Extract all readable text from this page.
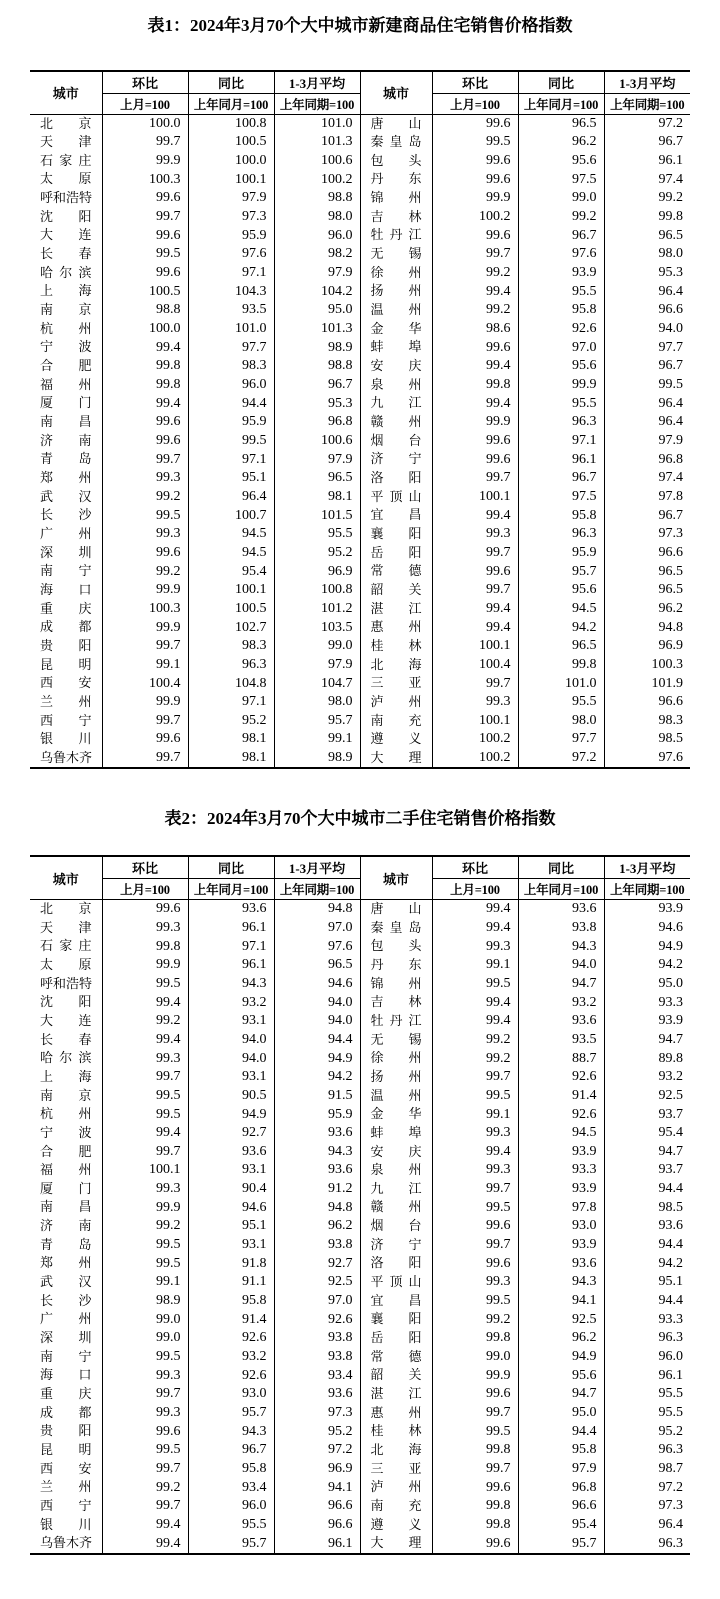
表1：2024年3月70个大中城市新建商品住宅销售价格指数
城市	环比	同比	1-3月平均	城市	环比	同比	1-3月平均
	上月=100	上年同月=100	上年同期=100		上月=100	上年同月=100	上年同期=100

北京	100.0	100.8	101.0	唐山	99.6	96.5	97.2

天津	99.7	100.5	101.3	秦皇岛	99.5	96.2	96.7

石家庄	99.9	100.0	100.6	包头	99.6	95.6	96.1

太原	100.3	100.1	100.2	丹东	99.6	97.5	97.4

呼和浩特	99.6	97.9	98.8	锦州	99.9	99.0	99.2

沈阳	99.7	97.3	98.0	吉林	100.2	99.2	99.8

大连	99.6	95.9	96.0	牡丹江	99.6	96.7	96.5

长春	99.5	97.6	98.2	无锡	99.7	97.6	98.0

哈尔滨	99.6	97.1	97.9	徐州	99.2	93.9	95.3

上海	100.5	104.3	104.2	扬州	99.4	95.5	96.4

南京	98.8	93.5	95.0	温州	99.2	95.8	96.6

杭州	100.0	101.0	101.3	金华	98.6	92.6	94.0

宁波	99.4	97.7	98.9	蚌埠	99.6	97.0	97.7

合肥	99.8	98.3	98.8	安庆	99.4	95.6	96.7

福州	99.8	96.0	96.7	泉州	99.8	99.9	99.5

厦门	99.4	94.4	95.3	九江	99.4	95.5	96.4

南昌	99.6	95.9	96.8	赣州	99.9	96.3	96.4

济南	99.6	99.5	100.6	烟台	99.6	97.1	97.9

青岛	99.7	97.1	97.9	济宁	99.6	96.1	96.8

郑州	99.3	95.1	96.5	洛阳	99.7	96.7	97.4

武汉	99.2	96.4	98.1	平顶山	100.1	97.5	97.8

长沙	99.5	100.7	101.5	宜昌	99.4	95.8	96.7

广州	99.3	94.5	95.5	襄阳	99.3	96.3	97.3

深圳	99.6	94.5	95.2	岳阳	99.7	95.9	96.6

南宁	99.2	95.4	96.9	常德	99.6	95.7	96.5

海口	99.9	100.1	100.8	韶关	99.7	95.6	96.5

重庆	100.3	100.5	101.2	湛江	99.4	94.5	96.2

成都	99.9	102.7	103.5	惠州	99.4	94.2	94.8

贵阳	99.7	98.3	99.0	桂林	100.1	96.5	96.9

昆明	99.1	96.3	97.9	北海	100.4	99.8	100.3

西安	100.4	104.8	104.7	三亚	99.7	101.0	101.9

兰州	99.9	97.1	98.0	泸州	99.3	95.5	96.6

西宁	99.7	95.2	95.7	南充	100.1	98.0	98.3

银川	99.6	98.1	99.1	遵义	100.2	97.7	98.5

乌鲁木齐	99.7	98.1	98.9	大理	100.2	97.2	97.6
表2：2024年3月70个大中城市二手住宅销售价格指数
城市	环比	同比	1-3月平均	城市	环比	同比	1-3月平均
	上月=100	上年同月=100	上年同期=100		上月=100	上年同月=100	上年同期=100

北京	99.6	93.6	94.8	唐山	99.4	93.6	93.9

天津	99.3	96.1	97.0	秦皇岛	99.4	93.8	94.6

石家庄	99.8	97.1	97.6	包头	99.3	94.3	94.9

太原	99.9	96.1	96.5	丹东	99.1	94.0	94.2

呼和浩特	99.5	94.3	94.6	锦州	99.5	94.7	95.0

沈阳	99.4	93.2	94.0	吉林	99.4	93.2	93.3

大连	99.2	93.1	94.0	牡丹江	99.4	93.6	93.9

长春	99.4	94.0	94.4	无锡	99.2	93.5	94.7

哈尔滨	99.3	94.0	94.9	徐州	99.2	88.7	89.8

上海	99.7	93.1	94.2	扬州	99.7	92.6	93.2

南京	99.5	90.5	91.5	温州	99.5	91.4	92.5

杭州	99.5	94.9	95.9	金华	99.1	92.6	93.7

宁波	99.4	92.7	93.6	蚌埠	99.3	94.5	95.4

合肥	99.7	93.6	94.3	安庆	99.4	93.9	94.7

福州	100.1	93.1	93.6	泉州	99.3	93.3	93.7

厦门	99.3	90.4	91.2	九江	99.7	93.9	94.4

南昌	99.9	94.6	94.8	赣州	99.5	97.8	98.5

济南	99.2	95.1	96.2	烟台	99.6	93.0	93.6

青岛	99.5	93.1	93.8	济宁	99.7	93.9	94.4

郑州	99.5	91.8	92.7	洛阳	99.6	93.6	94.2

武汉	99.1	91.1	92.5	平顶山	99.3	94.3	95.1

长沙	98.9	95.8	97.0	宜昌	99.5	94.1	94.4

广州	99.0	91.4	92.6	襄阳	99.2	92.5	93.3

深圳	99.0	92.6	93.8	岳阳	99.8	96.2	96.3

南宁	99.5	93.2	93.8	常德	99.0	94.9	96.0

海口	99.3	92.6	93.4	韶关	99.9	95.6	96.1

重庆	99.7	93.0	93.6	湛江	99.6	94.7	95.5

成都	99.3	95.7	97.3	惠州	99.7	95.0	95.5

贵阳	99.6	94.3	95.2	桂林	99.5	94.4	95.2

昆明	99.5	96.7	97.2	北海	99.8	95.8	96.3

西安	99.7	95.8	96.9	三亚	99.7	97.9	98.7

兰州	99.2	93.4	94.1	泸州	99.6	96.8	97.2

西宁	99.7	96.0	96.6	南充	99.8	96.6	97.3

银川	99.4	95.5	96.6	遵义	99.8	95.4	96.4

乌鲁木齐	99.4	95.7	96.1	大理	99.6	95.7	96.3
